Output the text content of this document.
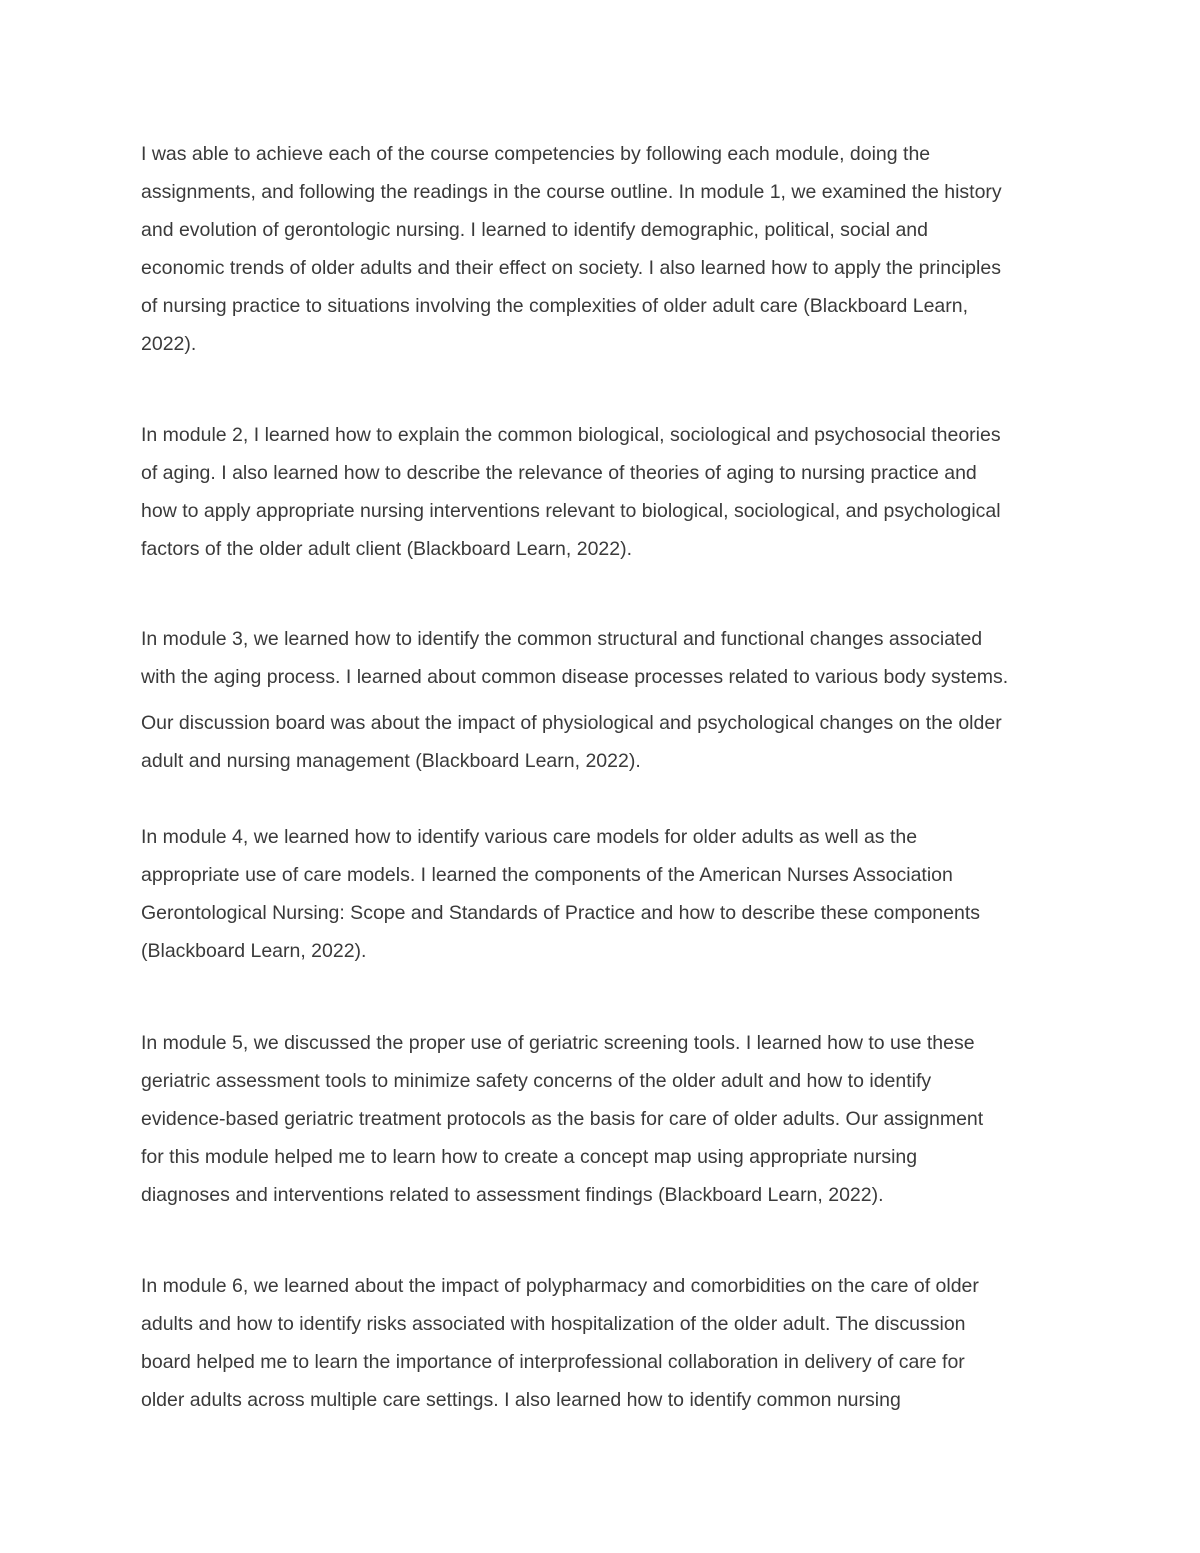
I was able to achieve each of the course competencies by following each module, doing the
assignments, and following the readings in the course outline. In module 1, we examined the history
and evolution of gerontologic nursing. I learned to identify demographic, political, social and
economic trends of older adults and their effect on society. I also learned how to apply the principles
of nursing practice to situations involving the complexities of older adult care (Blackboard Learn,
2022).

In module 2, I learned how to explain the common biological, sociological and psychosocial theories
of aging. I also learned how to describe the relevance of theories of aging to nursing practice and
how to apply appropriate nursing interventions relevant to biological, sociological, and psychological
factors of the older adult client (Blackboard Learn, 2022).

In module 3, we learned how to identify the common structural and functional changes associated
with the aging process. I learned about common disease processes related to various body systems.

Our discussion board was about the impact of physiological and psychological changes on the older
adult and nursing management (Blackboard Learn, 2022).

In module 4, we learned how to identify various care models for older adults as well as the
appropriate use of care models. I learned the components of the American Nurses Association
Gerontological Nursing: Scope and Standards of Practice and how to describe these components
(Blackboard Learn, 2022).

In module 5, we discussed the proper use of geriatric screening tools. I learned how to use these
geriatric assessment tools to minimize safety concerns of the older adult and how to identify
evidence-based geriatric treatment protocols as the basis for care of older adults. Our assignment
for this module helped me to learn how to create a concept map using appropriate nursing
diagnoses and interventions related to assessment findings (Blackboard Learn, 2022).

In module 6, we learned about the impact of polypharmacy and comorbidities on the care of older
adults and how to identify risks associated with hospitalization of the older adult. The discussion
board helped me to learn the importance of interprofessional collaboration in delivery of care for
older adults across multiple care settings. I also learned how to identify common nursing
